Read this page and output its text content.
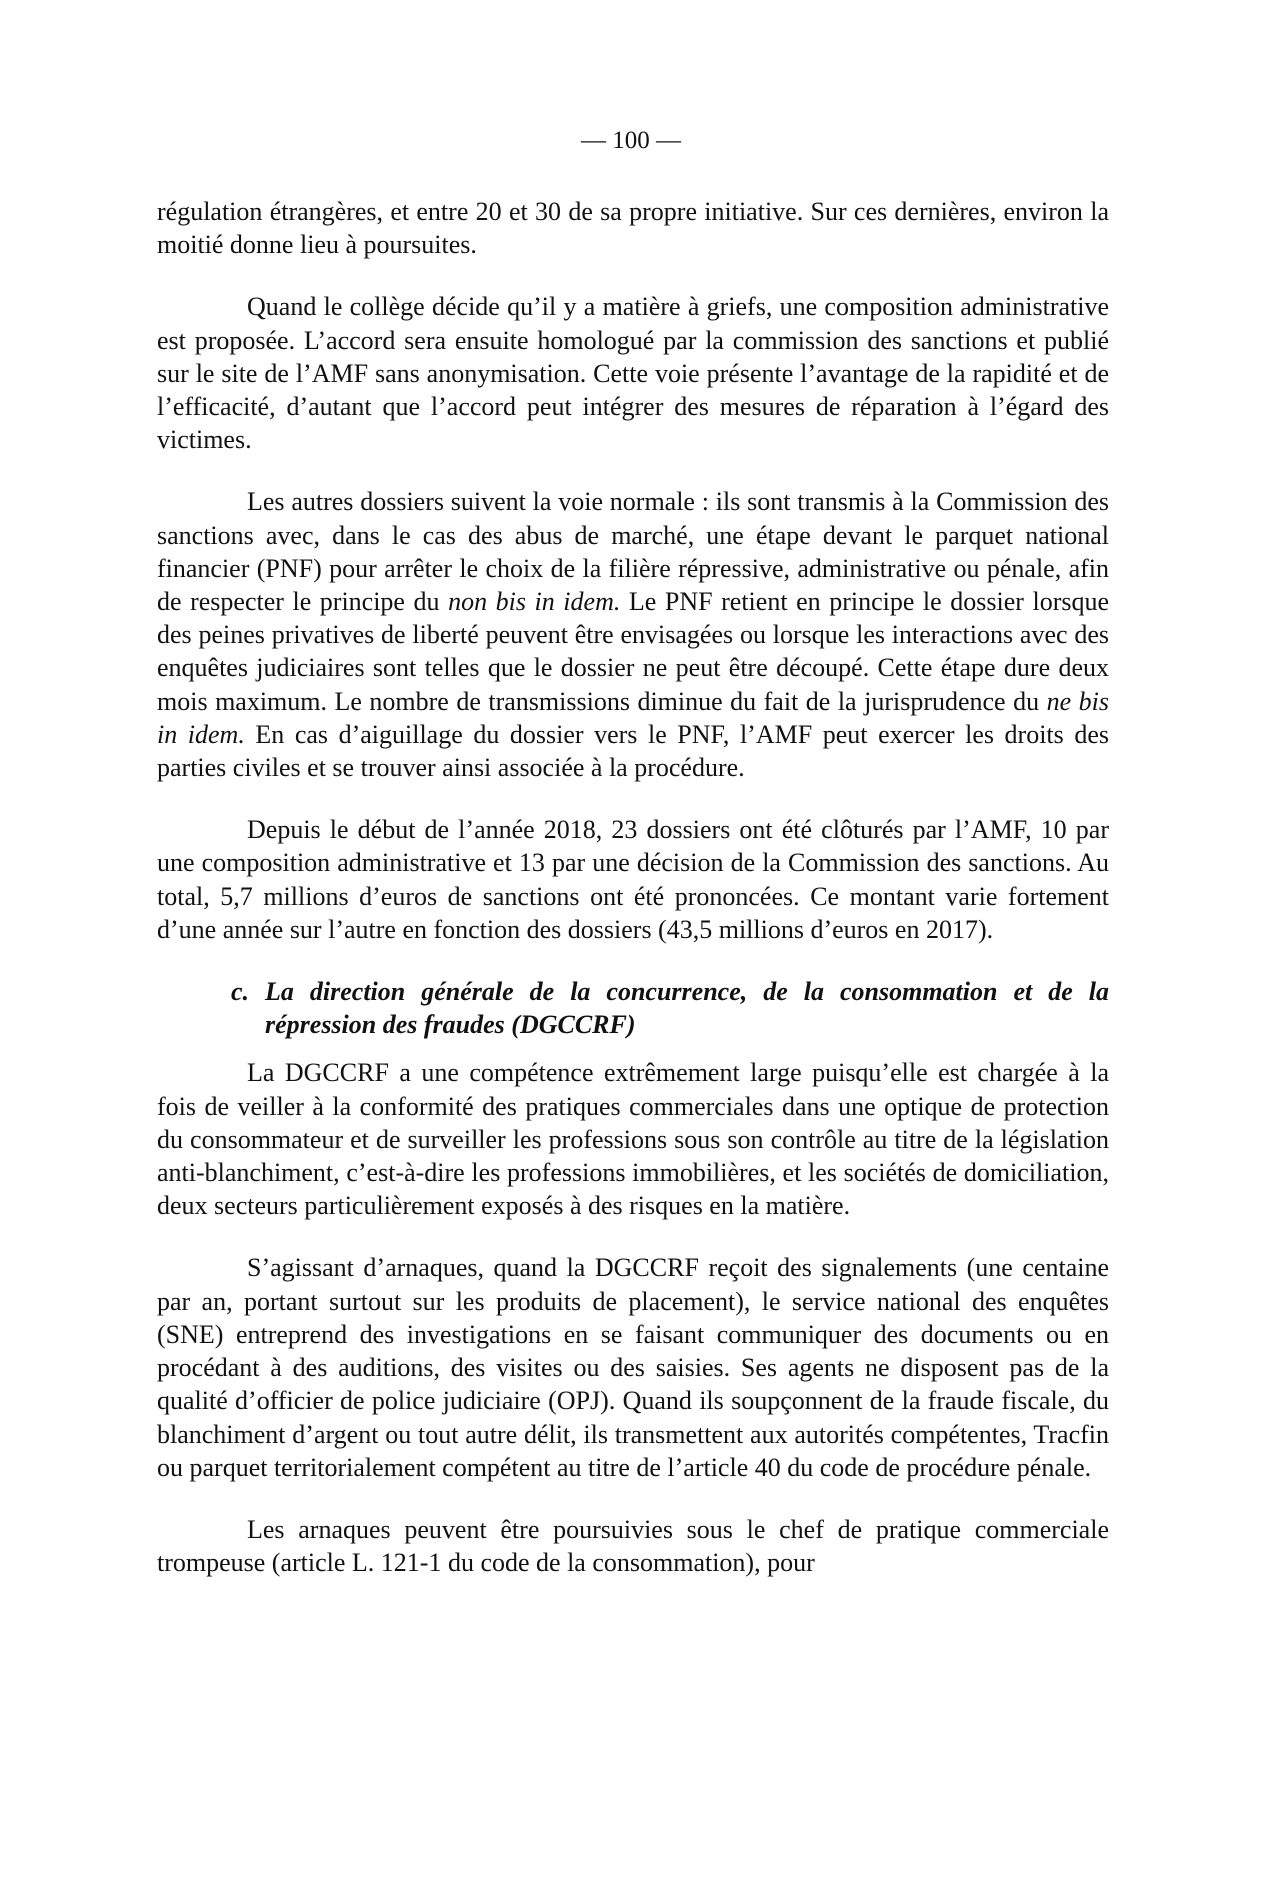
— 100 —

régulation étrangères, et entre 20 et 30 de sa propre initiative. Sur ces dernières, environ la moitié donne lieu à poursuites.

Quand le collège décide qu’il y a matière à griefs, une composition administrative est proposée. L’accord sera ensuite homologué par la commission des sanctions et publié sur le site de l’AMF sans anonymisation. Cette voie présente l’avantage de la rapidité et de l’efficacité, d’autant que l’accord peut intégrer des mesures de réparation à l’égard des victimes.

Les autres dossiers suivent la voie normale : ils sont transmis à la Commission des sanctions avec, dans le cas des abus de marché, une étape devant le parquet national financier (PNF) pour arrêter le choix de la filière répressive, administrative ou pénale, afin de respecter le principe du non bis in idem. Le PNF retient en principe le dossier lorsque des peines privatives de liberté peuvent être envisagées ou lorsque les interactions avec des enquêtes judiciaires sont telles que le dossier ne peut être découpé. Cette étape dure deux mois maximum. Le nombre de transmissions diminue du fait de la jurisprudence du ne bis in idem. En cas d’aiguillage du dossier vers le PNF, l’AMF peut exercer les droits des parties civiles et se trouver ainsi associée à la procédure.

Depuis le début de l’année 2018, 23 dossiers ont été clôturés par l’AMF, 10 par une composition administrative et 13 par une décision de la Commission des sanctions. Au total, 5,7 millions d’euros de sanctions ont été prononcées. Ce montant varie fortement d’une année sur l’autre en fonction des dossiers (43,5 millions d’euros en 2017).

c. La direction générale de la concurrence, de la consommation et de la répression des fraudes (DGCCRF)

La DGCCRF a une compétence extrêmement large puisqu’elle est chargée à la fois de veiller à la conformité des pratiques commerciales dans une optique de protection du consommateur et de surveiller les professions sous son contrôle au titre de la législation anti-blanchiment, c’est-à-dire les professions immobilières, et les sociétés de domiciliation, deux secteurs particulièrement exposés à des risques en la matière.

S’agissant d’arnaques, quand la DGCCRF reçoit des signalements (une centaine par an, portant surtout sur les produits de placement), le service national des enquêtes (SNE) entreprend des investigations en se faisant communiquer des documents ou en procédant à des auditions, des visites ou des saisies. Ses agents ne disposent pas de la qualité d’officier de police judiciaire (OPJ). Quand ils soupçonnent de la fraude fiscale, du blanchiment d’argent ou tout autre délit, ils transmettent aux autorités compétentes, Tracfin ou parquet territorialement compétent au titre de l’article 40 du code de procédure pénale.

Les arnaques peuvent être poursuivies sous le chef de pratique commerciale trompeuse (article L. 121-1 du code de la consommation), pour
